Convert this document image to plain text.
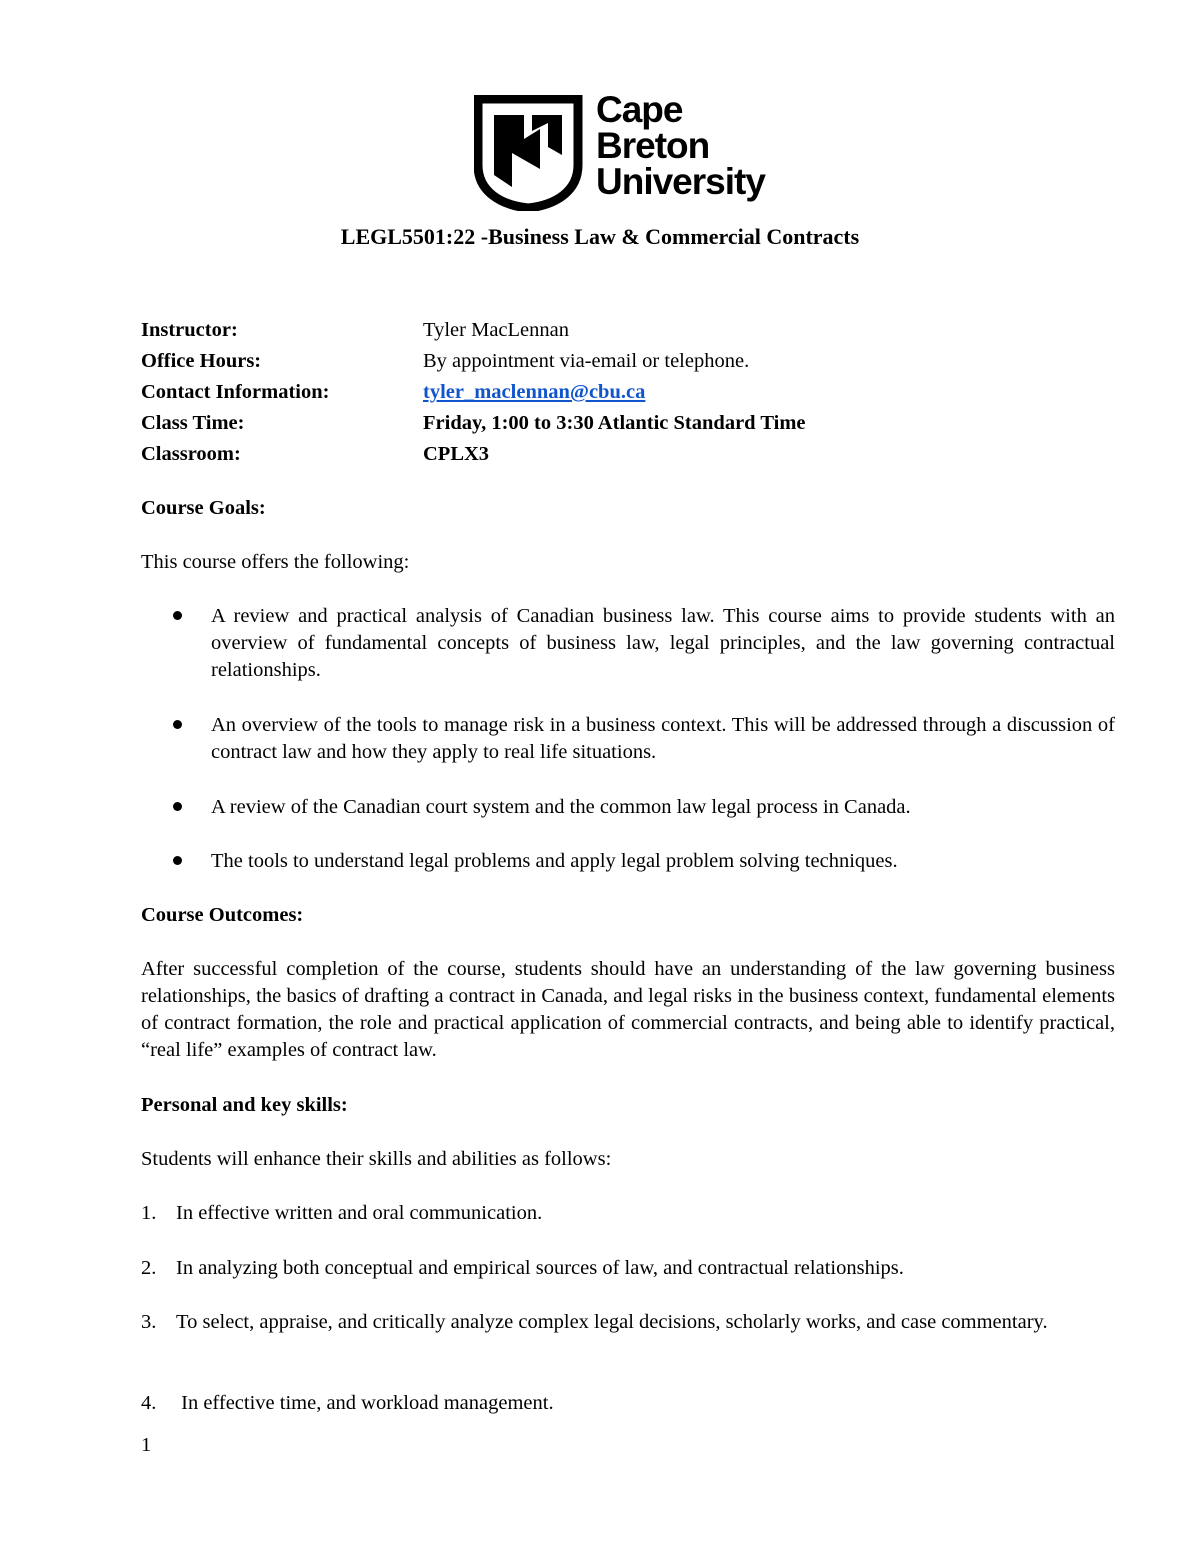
Cape
Breton
University
LEGL5501:22 -Business Law & Commercial Contracts
Instructor:	Tyler MacLennan
Office Hours:	By appointment via-email or telephone.
Contact Information:	tyler_maclennan@cbu.ca
Class Time:	Friday, 1:00 to 3:30 Atlantic Standard Time
Classroom:	CPLX3
Course Goals:
This course offers the following:
A review and practical analysis of Canadian business law. This course aims to provide students with an overview of fundamental concepts of business law, legal principles, and the law governing contractual relationships.
An overview of the tools to manage risk in a business context. This will be addressed through a discussion of contract law and how they apply to real life situations.
A review of the Canadian court system and the common law legal process in Canada.
The tools to understand legal problems and apply legal problem solving techniques.
Course Outcomes:
After successful completion of the course, students should have an understanding of the law governing business relationships, the basics of drafting a contract in Canada, and legal risks in the business context, fundamental elements of contract formation, the role and practical application of commercial contracts, and being able to identify practical, “real life” examples of contract law.
Personal and key skills:
Students will enhance their skills and abilities as follows:
1. In effective written and oral communication.
2. In analyzing both conceptual and empirical sources of law, and contractual relationships.
3. To select, appraise, and critically analyze complex legal decisions, scholarly works, and case commentary.
4. In effective time, and workload management.
1
